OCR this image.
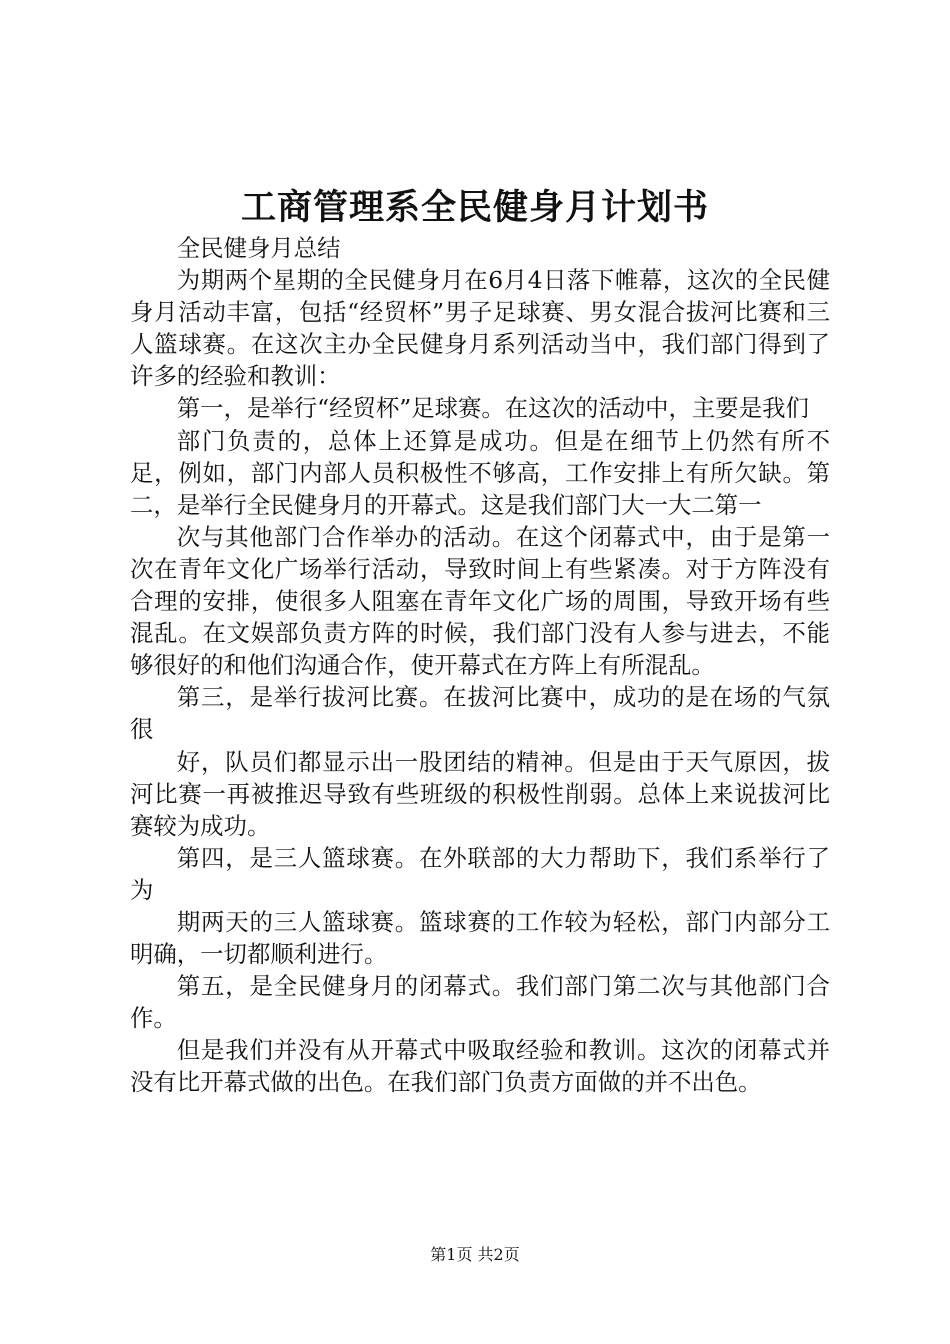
工商管理系全民健身月计划书

全民健身月总结

为期两个星期的全民健身月在6月4日落下帷幕，这次的全民健身月活动丰富，包括“经贸杯”男子足球赛、男女混合拔河比赛和三人篮球赛。在这次主办全民健身月系列活动当中，我们部门得到了许多的经验和教训：

第一，是举行“经贸杯”足球赛。在这次的活动中，主要是我们

部门负责的，总体上还算是成功。但是在细节上仍然有所不足，例如，部门内部人员积极性不够高，工作安排上有所欠缺。第二，是举行全民健身月的开幕式。这是我们部门大一大二第一

次与其他部门合作举办的活动。在这个闭幕式中，由于是第一次在青年文化广场举行活动，导致时间上有些紧凑。对于方阵没有合理的安排，使很多人阻塞在青年文化广场的周围，导致开场有些混乱。在文娱部负责方阵的时候，我们部门没有人参与进去，不能够很好的和他们沟通合作，使开幕式在方阵上有所混乱。

第三，是举行拔河比赛。在拔河比赛中，成功的是在场的气氛很

好，队员们都显示出一股团结的精神。但是由于天气原因，拔河比赛一再被推迟导致有些班级的积极性削弱。总体上来说拔河比赛较为成功。

第四，是三人篮球赛。在外联部的大力帮助下，我们系举行了为

期两天的三人篮球赛。篮球赛的工作较为轻松，部门内部分工明确，一切都顺利进行。

第五，是全民健身月的闭幕式。我们部门第二次与其他部门合作。

但是我们并没有从开幕式中吸取经验和教训。这次的闭幕式并没有比开幕式做的出色。在我们部门负责方面做的并不出色。

第1页 共2页
